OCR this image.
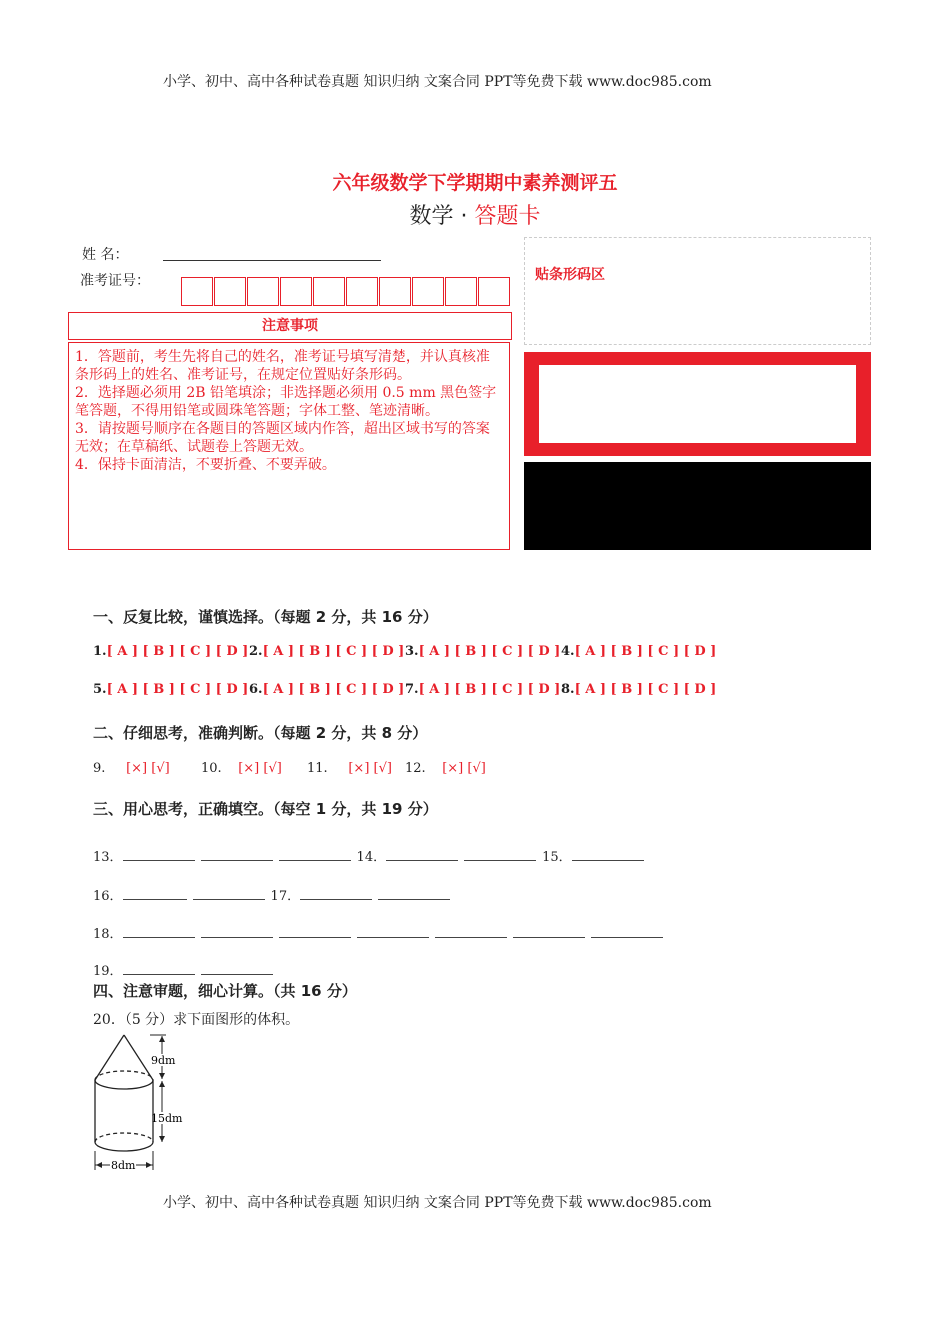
小学、初中、高中各种试卷真题 知识归纳 文案合同 PPT等免费下载 www.doc985.com
六年级数学下学期期中素养测评五
数学 · 答题卡
姓 名：
准考证号：
注意事项
1．答题前，考生先将自己的姓名，准考证号填写清楚，并认真核准条形码上的姓名、准考证号，在规定位置贴好条形码。
2．选择题必须用 2B 铅笔填涂；非选择题必须用 0.5 mm 黑色签字笔答题，不得用铅笔或圆珠笔答题；字体工整、笔迹清晰。
3．请按题号顺序在各题目的答题区域内作答，超出区域书写的答案无效；在草稿纸、试题卷上答题无效。
4．保持卡面清洁，不要折叠、不要弄破。
贴条形码区
一、反复比较，谨慎选择。（每题 2 分，共 16 分）
1.[ A ] [ B ] [ C ] [ D ] 2.[ A ] [ B ] [ C ] [ D ] 3.[ A ] [ B ] [ C ] [ D ] 4.[ A ] [ B ] [ C ] [ D ]
5.[ A ] [ B ] [ C ] [ D ] 6.[ A ] [ B ] [ C ] [ D ] 7.[ A ] [ B ] [ C ] [ D ] 8.[ A ] [ B ] [ C ] [ D ]
二、仔细思考，准确判断。（每题 2 分，共 8 分）
9. [×] [√] 10. [×] [√] 11. [×] [√] 12. [×] [√]
三、用心思考，正确填空。（每空 1 分，共 19 分）
13．	14．	15．
16．	17．
18．
19．
四、注意审题，细心计算。（共 16 分）
20．（5 分）求下面图形的体积。
9dm
15dm
8dm
小学、初中、高中各种试卷真题 知识归纳 文案合同 PPT等免费下载 www.doc985.com
